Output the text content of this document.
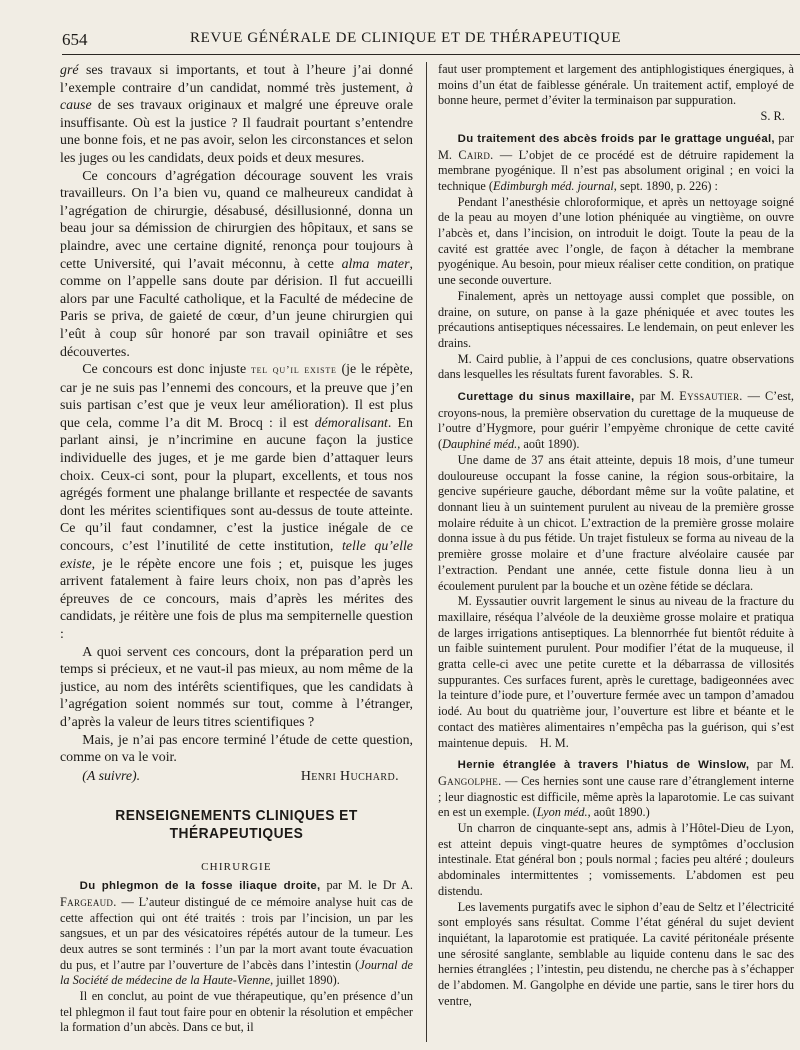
654	REVUE GÉNÉRALE DE CLINIQUE ET DE THÉRAPEUTIQUE

gré ses travaux si importants, et tout à l’heure j’ai donné l’exemple contraire d’un candidat, nommé très justement, à cause de ses travaux originaux et malgré une épreuve orale insuffisante. Où est la justice ? Il faudrait pourtant s’entendre une bonne fois, et ne pas avoir, selon les circonstances et selon les juges ou les candidats, deux poids et deux mesures.

Ce concours d’agrégation décourage souvent les vrais travailleurs. On l’a bien vu, quand ce malheureux candidat à l’agrégation de chirurgie, désabusé, désillusionné, donna un beau jour sa démission de chirurgien des hôpitaux, et sans se plaindre, avec une certaine dignité, renonça pour toujours à cette Université, qui l’avait méconnu, à cette alma mater, comme on l’appelle sans doute par dérision. Il fut accueilli alors par une Faculté catholique, et la Faculté de médecine de Paris se priva, de gaieté de cœur, d’un jeune chirurgien qui l’eût à coup sûr honoré par son travail opiniâtre et ses découvertes.

Ce concours est donc injuste tel qu’il existe (je le répète, car je ne suis pas l’ennemi des concours, et la preuve que j’en suis partisan c’est que je veux leur amélioration). Il est plus que cela, comme l’a dit M. Brocq : il est démoralisant. En parlant ainsi, je n’incrimine en aucune façon la justice individuelle des juges, et je me garde bien d’attaquer leurs choix. Ceux-ci sont, pour la plupart, excellents, et tous nos agrégés forment une phalange brillante et respectée de savants dont les mérites scientifiques sont au-dessus de toute atteinte. Ce qu’il faut condamner, c’est la justice inégale de ce concours, c’est l’inutilité de cette institution, telle qu’elle existe, je le répète encore une fois ; et, puisque les juges arrivent fatalement à faire leurs choix, non pas d’après les épreuves de ce concours, mais d’après les mérites des candidats, je réitère une fois de plus ma sempiternelle question :

A quoi servent ces concours, dont la préparation perd un temps si précieux, et ne vaut-il pas mieux, au nom même de la justice, au nom des intérêts scientifiques, que les candidats à l’agrégation soient nommés sur tout, comme à l’étranger, d’après la valeur de leurs titres scientifiques ?

Mais, je n’ai pas encore terminé l’étude de cette question, comme on va le voir.

(A suivre).	Henri Huchard.
RENSEIGNEMENTS CLINIQUES ET THÉRAPEUTIQUES
CHIRURGIE

Du phlegmon de la fosse iliaque droite, par M. le Dr A. Fargeaud. — L’auteur distingué de ce mémoire analyse huit cas de cette affection qui ont été traités : trois par l’incision, un par les sangsues, et un par des vésicatoires répétés autour de la tumeur. Les deux autres se sont terminés : l’un par la mort avant toute évacuation du pus, et l’autre par l’ouverture de l’abcès dans l’intestin (Journal de la Société de médecine de la Haute-Vienne, juillet 1890).

Il en conclut, au point de vue thérapeutique, qu’en présence d’un tel phlegmon il faut tout faire pour en obtenir la résolution et empêcher la formation d’un abcès. Dans ce but, il

faut user promptement et largement des antiphlogistiques énergiques, à moins d’un état de faiblesse générale. Un traitement actif, employé de bonne heure, permet d’éviter la terminaison par suppuration.

S. R.

Du traitement des abcès froids par le grattage unguéal, par M. Caird. — L’objet de ce procédé est de détruire rapidement la membrane pyogénique. Il n’est pas absolument original ; en voici la technique (Edimburgh méd. journal, sept. 1890, p. 226) :

Pendant l’anesthésie chloroformique, et après un nettoyage soigné de la peau au moyen d’une lotion phéniquée au vingtième, on ouvre l’abcès et, dans l’incision, on introduit le doigt. Toute la peau de la cavité est grattée avec l’ongle, de façon à détacher la membrane pyogénique. Au besoin, pour mieux réaliser cette condition, on pratique une seconde ouverture.

Finalement, après un nettoyage aussi complet que possible, on draine, on suture, on panse à la gaze phéniquée et avec toutes les précautions antiseptiques nécessaires. Le lendemain, on peut enlever les drains.

M. Caird publie, à l’appui de ces conclusions, quatre observations dans lesquelles les résultats furent favorables. S. R.

Curettage du sinus maxillaire, par M. Eyssautier. — C’est, croyons-nous, la première observation du curettage de la muqueuse de l’outre d’Hygmore, pour guérir l’empyème chronique de cette cavité (Dauphiné méd., août 1890).

Une dame de 37 ans était atteinte, depuis 18 mois, d’une tumeur douloureuse occupant la fosse canine, la région sous-orbitaire, la gencive supérieure gauche, débordant même sur la voûte palatine, et donnant lieu à un suintement purulent au niveau de la première grosse molaire réduite à un chicot. L’extraction de la première grosse molaire donna issue à du pus fétide. Un trajet fistuleux se forma au niveau de la première grosse molaire et d’une fracture alvéolaire causée par l’extraction. Pendant une année, cette fistule donna lieu à un écoulement purulent par la bouche et un ozène fétide se déclara.

M. Eyssautier ouvrit largement le sinus au niveau de la fracture du maxillaire, réséqua l’alvéole de la deuxième grosse molaire et pratiqua de larges irrigations antiseptiques. La blennorrhée fut bientôt réduite à un faible suintement purulent. Pour modifier l’état de la muqueuse, il gratta celle-ci avec une petite curette et la débarrassa de villosités suppurantes. Ces surfaces furent, après le curettage, badigeonnées avec la teinture d’iode pure, et l’ouverture fermée avec un tampon d’amadou iodé. Au bout du quatrième jour, l’ouverture est libre et béante et le contact des matières alimentaires n’empêcha pas la guérison, qui s’est maintenue depuis. H. M.

Hernie étranglée à travers l’hiatus de Winslow, par M. Gangolphe. — Ces hernies sont une cause rare d’étranglement interne ; leur diagnostic est difficile, même après la laparotomie. Le cas suivant en est un exemple. (Lyon méd., août 1890.)

Un charron de cinquante-sept ans, admis à l’Hôtel-Dieu de Lyon, est atteint depuis vingt-quatre heures de symptômes d’occlusion intestinale. Etat général bon ; pouls normal ; facies peu altéré ; douleurs abdominales intermittentes ; vomissements. L’abdomen est peu distendu.

Les lavements purgatifs avec le siphon d’eau de Seltz et l’électricité sont employés sans résultat. Comme l’état général du sujet devient inquiétant, la laparotomie est pratiquée. La cavité péritonéale présente une sérosité sanglante, semblable au liquide contenu dans le sac des hernies étranglées ; l’intestin, peu distendu, ne cherche pas à s’échapper de l’abdomen. M. Gangolphe en dévide une partie, sans le tirer hors du ventre,
